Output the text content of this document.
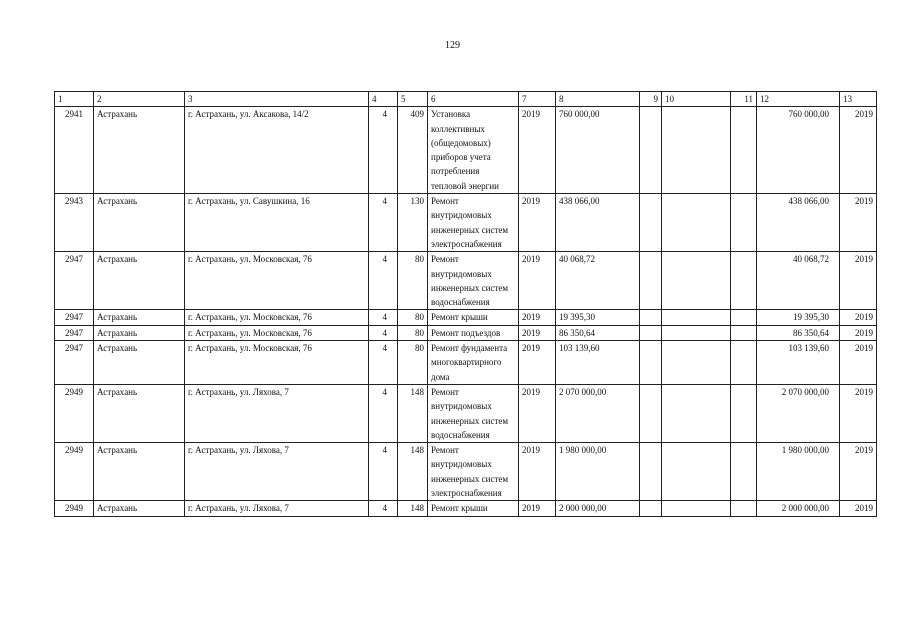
129
1	2	3	4	5	6	7	8	9	10	11	12	13
2941	Астрахань	г. Астрахань, ул. Аксакова, 14/2	4	409	Установка коллективных (общедомовых) приборов учета потребления тепловой энергии	2019	760 000,00				760 000,00	2019
2943	Астрахань	г. Астрахань, ул. Савушкина, 16	4	130	Ремонт внутридомовых инженерных систем электроснабжения	2019	438 066,00				438 066,00	2019
2947	Астрахань	г. Астрахань, ул. Московская, 76	4	80	Ремонт внутридомовых инженерных систем водоснабжения	2019	40 068,72				40 068,72	2019
2947	Астрахань	г. Астрахань, ул. Московская, 76	4	80	Ремонт крыши	2019	19 395,30				19 395,30	2019
2947	Астрахань	г. Астрахань, ул. Московская, 76	4	80	Ремонт подъездов	2019	86 350,64				86 350,64	2019
2947	Астрахань	г. Астрахань, ул. Московская, 76	4	80	Ремонт фундамента многоквартирного дома	2019	103 139,60				103 139,60	2019
2949	Астрахань	г. Астрахань, ул. Ляхова, 7	4	148	Ремонт внутридомовых инженерных систем водоснабжения	2019	2 070 000,00				2 070 000,00	2019
2949	Астрахань	г. Астрахань, ул. Ляхова, 7	4	148	Ремонт внутридомовых инженерных систем электроснабжения	2019	1 980 000,00				1 980 000,00	2019
2949	Астрахань	г. Астрахань, ул. Ляхова, 7	4	148	Ремонт крыши	2019	2 000 000,00				2 000 000,00	2019
